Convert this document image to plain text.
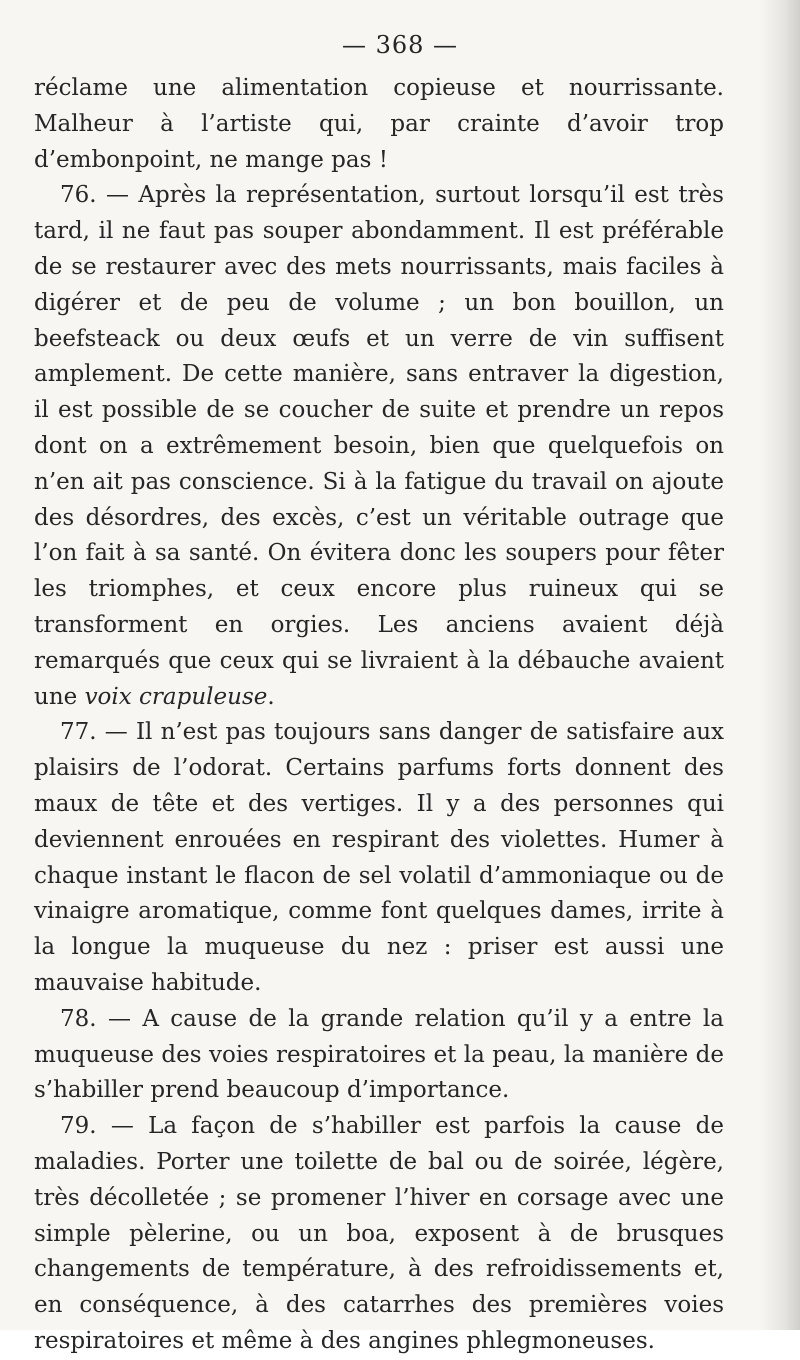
— 368 —

réclame une alimentation copieuse et nourrissante. Malheur à l’artiste qui, par crainte d’avoir trop d’embonpoint, ne mange pas !

76. — Après la représentation, surtout lorsqu’il est très tard, il ne faut pas souper abondamment. Il est préférable de se restaurer avec des mets nourrissants, mais faciles à digérer et de peu de volume ; un bon bouillon, un beefsteack ou deux œufs et un verre de vin suffisent amplement. De cette manière, sans entraver la digestion, il est possible de se coucher de suite et prendre un repos dont on a extrêmement besoin, bien que quelquefois on n’en ait pas conscience. Si à la fatigue du travail on ajoute des désordres, des excès, c’est un véritable outrage que l’on fait à sa santé. On évitera donc les soupers pour fêter les triomphes, et ceux encore plus ruineux qui se transforment en orgies. Les anciens avaient déjà remarqués que ceux qui se livraient à la débauche avaient une voix crapuleuse.

77. — Il n’est pas toujours sans danger de satisfaire aux plaisirs de l’odorat. Certains parfums forts donnent des maux de tête et des vertiges. Il y a des personnes qui deviennent enrouées en respirant des violettes. Humer à chaque instant le flacon de sel volatil d’ammoniaque ou de vinaigre aromatique, comme font quelques dames, irrite à la longue la muqueuse du nez : priser est aussi une mauvaise habitude.

78. — A cause de la grande relation qu’il y a entre la muqueuse des voies respiratoires et la peau, la manière de s’habiller prend beaucoup d’importance.

79. — La façon de s’habiller est parfois la cause de maladies. Porter une toilette de bal ou de soirée, légère, très décolletée ; se promener l’hiver en corsage avec une simple pèlerine, ou un boa, exposent à de brusques changements de température, à des refroidissements et, en conséquence, à des catarrhes des premières voies respiratoires et même à des angines phlegmoneuses.
